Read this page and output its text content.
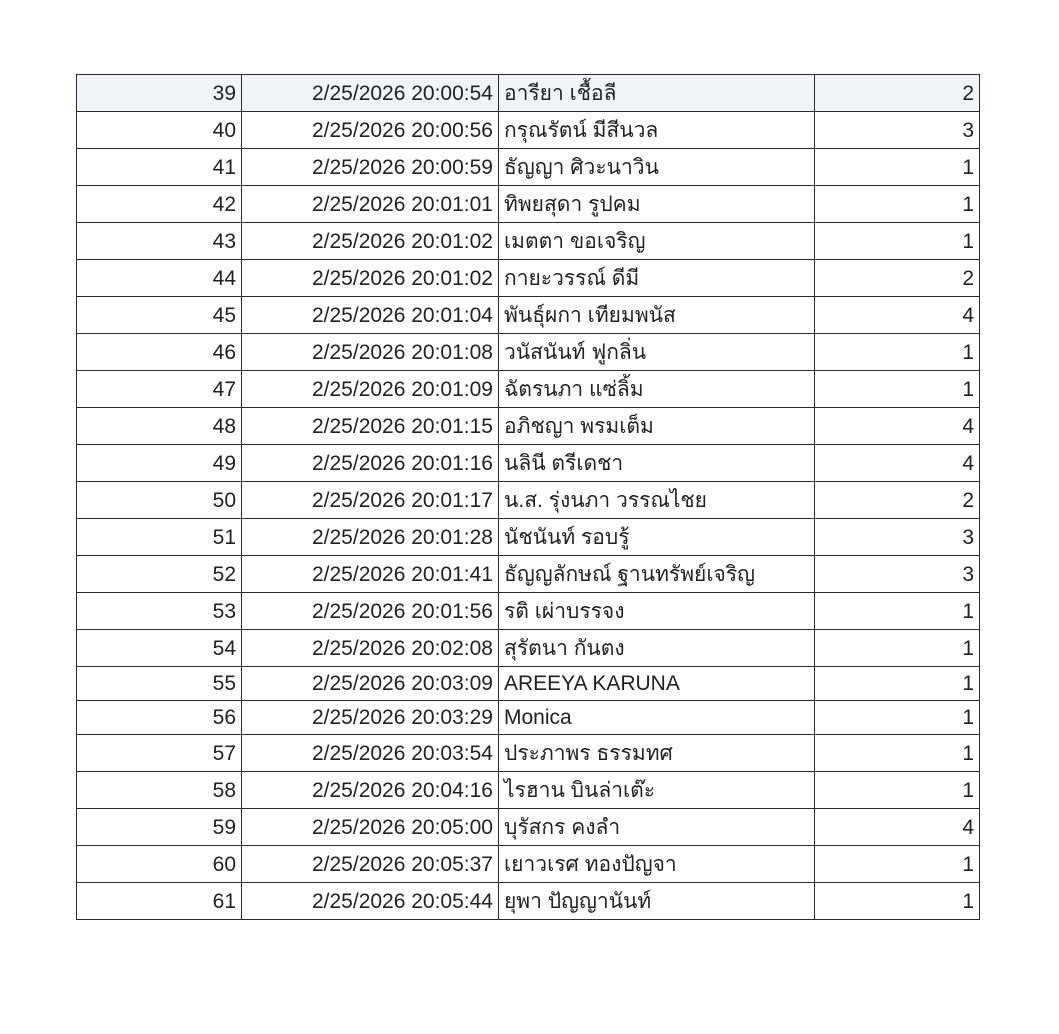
39	2/25/2026 20:00:54	อารียา เชื้อลี	2
40	2/25/2026 20:00:56	กรุณรัตน์ มีสีนวล	3
41	2/25/2026 20:00:59	ธัญญา ศิวะนาวิน	1
42	2/25/2026 20:01:01	ทิพยสุดา รูปคม	1
43	2/25/2026 20:01:02	เมตตา ขอเจริญ	1
44	2/25/2026 20:01:02	กายะวรรณ์ ดีมี	2
45	2/25/2026 20:01:04	พันธุ์ผกา เทียมพนัส	4
46	2/25/2026 20:01:08	วนัสนันท์ ฟูกลิ่น	1
47	2/25/2026 20:01:09	ฉัตรนภา แซ่ลิ้ม	1
48	2/25/2026 20:01:15	อภิชญา พรมเต็ม	4
49	2/25/2026 20:01:16	นลินี ตรีเดชา	4
50	2/25/2026 20:01:17	น.ส. รุ่งนภา วรรณไชย	2
51	2/25/2026 20:01:28	นัชนันท์ รอบรู้	3
52	2/25/2026 20:01:41	ธัญญลักษณ์ ฐานทรัพย์เจริญ	3
53	2/25/2026 20:01:56	รติ เผ่าบรรจง	1
54	2/25/2026 20:02:08	สุรัตนา กันตง	1
55	2/25/2026 20:03:09	AREEYA KARUNA	1
56	2/25/2026 20:03:29	Monica	1
57	2/25/2026 20:03:54	ประภาพร ธรรมทศ	1
58	2/25/2026 20:04:16	ไรฮาน บินล่าเต๊ะ	1
59	2/25/2026 20:05:00	บุรัสกร คงลำ	4
60	2/25/2026 20:05:37	เยาวเรศ ทองปัญจา	1
61	2/25/2026 20:05:44	ยุพา ปัญญานันท์	1
